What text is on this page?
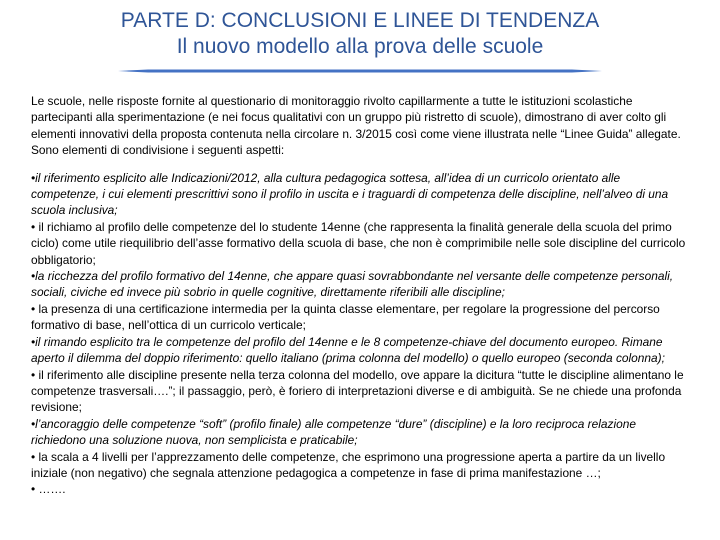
PARTE D: CONCLUSIONI E LINEE DI TENDENZA
Il nuovo modello alla prova delle scuole

Le scuole, nelle risposte fornite al questionario di monitoraggio rivolto capillarmente a tutte le istituzioni scolastiche partecipanti alla sperimentazione (e nei focus qualitativi con un gruppo più ristretto di scuole), dimostrano di aver colto gli elementi innovativi della proposta contenuta nella circolare n. 3/2015 così come viene illustrata nelle “Linee Guida” allegate. Sono elementi di condivisione i seguenti aspetti:

•il riferimento esplicito alle Indicazioni/2012, alla cultura pedagogica sottesa, all’idea di un curricolo orientato alle competenze, i cui elementi prescrittivi sono il profilo in uscita e i traguardi di competenza delle discipline, nell’alveo di una scuola inclusiva;
• il richiamo al profilo delle competenze del lo studente 14enne (che rappresenta la finalità generale della scuola del primo ciclo) come utile riequilibrio dell’asse formativo della scuola di base, che non è comprimibile nelle sole discipline del curricolo obbligatorio;
•la ricchezza del profilo formativo del 14enne, che appare quasi sovrabbondante nel versante delle competenze personali, sociali, civiche ed invece più sobrio in quelle cognitive, direttamente riferibili alle discipline;
• la presenza di una certificazione intermedia per la quinta classe elementare, per regolare la progressione del percorso formativo di base, nell’ottica di un curricolo verticale;
•il rimando esplicito tra le competenze del profilo del 14enne e le 8 competenze-chiave del documento europeo. Rimane aperto il dilemma del doppio riferimento: quello italiano (prima colonna del modello) o quello europeo (seconda colonna);
• il riferimento alle discipline presente nella terza colonna del modello, ove appare la dicitura “tutte le discipline alimentano le competenze trasversali….”; il passaggio, però, è foriero di interpretazioni diverse e di ambiguità. Se ne chiede una profonda revisione;
•l’ancoraggio delle competenze “soft” (profilo finale) alle competenze “dure” (discipline) e la loro reciproca relazione richiedono una soluzione nuova, non semplicista e praticabile;
• la scala a 4 livelli per l’apprezzamento delle competenze, che esprimono una progressione aperta a partire da un livello iniziale (non negativo) che segnala attenzione pedagogica a competenze in fase di prima manifestazione …;
• …….
